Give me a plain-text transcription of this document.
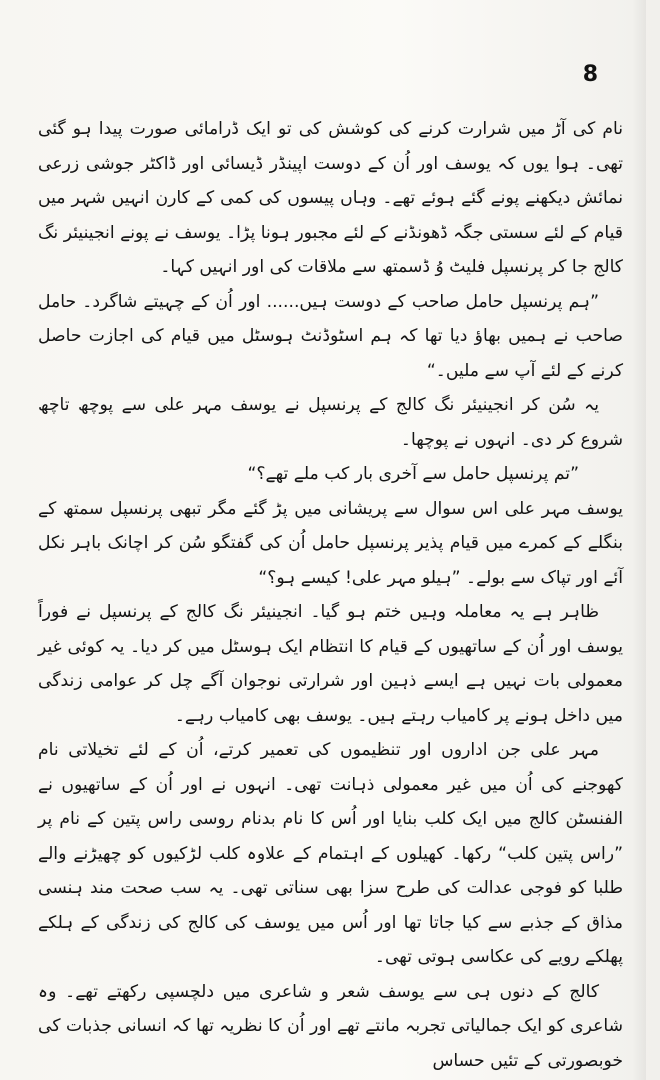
8

نام کی آڑ میں شرارت کرنے کی کوشش کی تو ایک ڈرامائی صورت پیدا ہو گئی تھی۔ ہوا یوں کہ یوسف اور اُن کے دوست اپینڈر ڈیسائی اور ڈاکٹر جوشی زرعی نمائش دیکھنے پونے گئے ہوئے تھے۔ وہاں پیسوں کی کمی کے کارن انہیں شہر میں قیام کے لئے سستی جگہ ڈھونڈنے کے لئے مجبور ہونا پڑا۔ یوسف نے پونے انجینیئر نگ کالج جا کر پرنسپل فلیٹ وُ ڈسمتھ سے ملاقات کی اور انہیں کہا۔

”ہم پرنسپل حامل صاحب کے دوست ہیں...... اور اُن کے چہیتے شاگرد۔ حامل صاحب نے ہمیں بھاؤ دیا تھا کہ ہم اسٹوڈنٹ ہوسٹل میں قیام کی اجازت حاصل کرنے کے لئے آپ سے ملیں۔“

یہ سُن کر انجینیئر نگ کالج کے پرنسپل نے یوسف مہر علی سے پوچھ تاچھ شروع کر دی۔ انہوں نے پوچھا۔

”تم پرنسپل حامل سے آخری بار کب ملے تھے؟“

یوسف مہر علی اس سوال سے پریشانی میں پڑ گئے مگر تبھی پرنسپل سمتھ کے بنگلے کے کمرے میں قیام پذیر پرنسپل حامل اُن کی گفتگو سُن کر اچانک باہر نکل آئے اور تپاک سے بولے۔ ”ہیلو مہر علی! کیسے ہو؟“

ظاہر ہے یہ معاملہ وہیں ختم ہو گیا۔ انجینیئر نگ کالج کے پرنسپل نے فوراً یوسف اور اُن کے ساتھیوں کے قیام کا انتظام ایک ہوسٹل میں کر دیا۔ یہ کوئی غیر معمولی بات نہیں ہے ایسے ذہین اور شرارتی نوجوان آگے چل کر عوامی زندگی میں داخل ہونے پر کامیاب رہتے ہیں۔ یوسف بھی کامیاب رہے۔

مہر علی جن اداروں اور تنظیموں کی تعمیر کرتے، اُن کے لئے تخیلاتی نام کھوجنے کی اُن میں غیر معمولی ذہانت تھی۔ انہوں نے اور اُن کے ساتھیوں نے الفنسٹن کالج میں ایک کلب بنایا اور اُس کا نام بدنام روسی راس پتین کے نام پر ”راس پتین کلب“ رکھا۔ کھیلوں کے اہتمام کے علاوہ کلب لڑکیوں کو چھیڑنے والے طلبا کو فوجی عدالت کی طرح سزا بھی سناتی تھی۔ یہ سب صحت مند ہنسی مذاق کے جذبے سے کیا جاتا تھا اور اُس میں یوسف کی کالج کی زندگی کے ہلکے پھلکے رویے کی عکاسی ہوتی تھی۔

کالج کے دنوں ہی سے یوسف شعر و شاعری میں دلچسپی رکھتے تھے۔ وہ شاعری کو ایک جمالیاتی تجربہ مانتے تھے اور اُن کا نظریہ تھا کہ انسانی جذبات کی خوبصورتی کے تئیں حساس
